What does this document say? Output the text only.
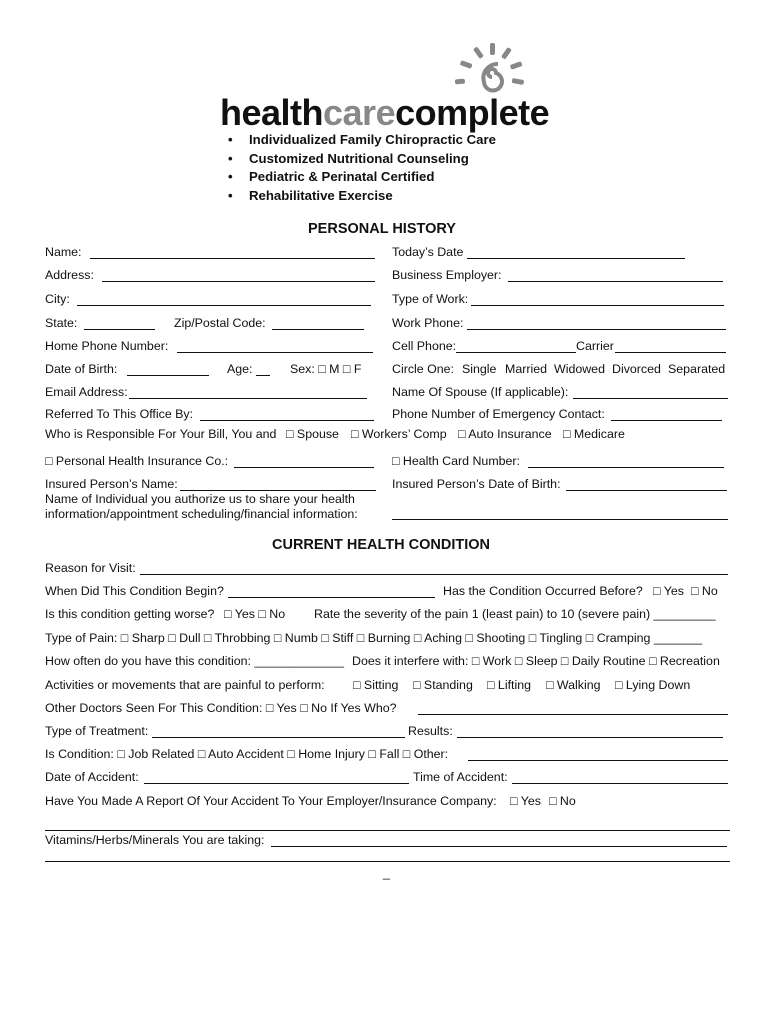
healthcarecomplete
• Individualized Family Chiropractic Care
• Customized Nutritional Counseling
• Pediatric & Perinatal Certified
• Rehabilitative Exercise
PERSONAL HISTORY
Name:	Today’s Date
Address:	Business Employer:
City:	Type of Work:
State:	Zip/Postal Code:	Work Phone:
Home Phone Number:	Cell Phone:	Carrier
Date of Birth:	Age:	Sex: □ M □ F Circle One: Single Married Widowed Divorced Separated
Email Address:	Name Of Spouse (If applicable):
Referred To This Office By:	Phone Number of Emergency Contact:
Who is Responsible For Your Bill, You and □ Spouse □ Workers’ Comp □ Auto Insurance □ Medicare
□ Personal Health Insurance Co.:	□ Health Card Number:
Insured Person’s Name:	Insured Person’s Date of Birth:
Name of Individual you authorize us to share your health
information/appointment scheduling/financial information:
CURRENT HEALTH CONDITION
Reason for Visit:
When Did This Condition Begin?	Has the Condition Occurred Before? □ Yes □ No
Is this condition getting worse? □ Yes □ No Rate the severity of the pain 1 (least pain) to 10 (severe pain) _________
Type of Pain: □ Sharp □ Dull □ Throbbing □ Numb □ Stiff □ Burning □ Aching □ Shooting □ Tingling □ Cramping _______
How often do you have this condition: _____________ Does it interfere with: □ Work □ Sleep □ Daily Routine □ Recreation
Activities or movements that are painful to perform: □ Sitting □ Standing □ Lifting □ Walking □ Lying Down
Other Doctors Seen For This Condition: □ Yes □ No If Yes Who?
Type of Treatment:	Results:
Is Condition: □ Job Related □ Auto Accident □ Home Injury □ Fall □ Other:
Date of Accident:	Time of Accident:
Have You Made A Report Of Your Accident To Your Employer/Insurance Company: □ Yes □ No
Vitamins/Herbs/Minerals You are taking:
_
